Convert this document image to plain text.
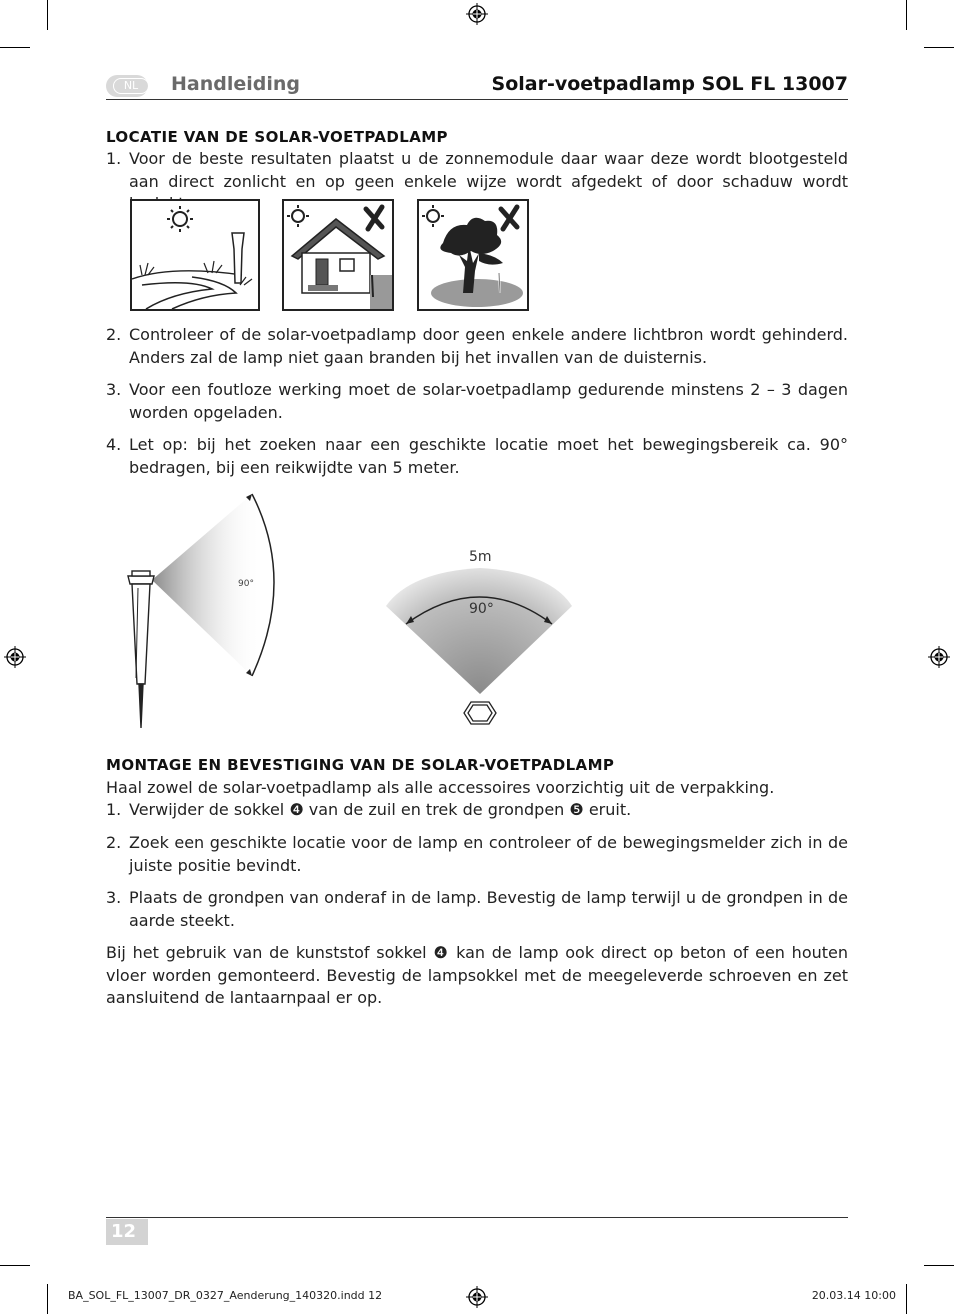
NL	Handleiding	Solar-voetpadlamp SOL FL 13007
LOCATIE VAN DE SOLAR-VOETPADLAMP
1. Voor de beste resultaten plaatst u de zonnemodule daar waar deze wordt blootgesteld aan direct zonlicht en op geen enkele wijze wordt afgedekt of door schaduw wordt
2. Controleer of de solar-voetpadlamp door geen enkele andere lichtbron wordt gehinderd. Anders zal de lamp niet gaan branden bij het invallen van de duisternis.
3. Voor een foutloze werking moet de solar-voetpadlamp gedurende minstens 2 – 3 dagen worden opgeladen.
4. Let op: bij het zoeken naar een geschikte locatie moet het bewegingsbereik ca. 90° bedragen, bij een reikwijdte van 5 meter.
90°
5m
90°
MONTAGE EN BEVESTIGING VAN DE SOLAR-VOETPADLAMP

Haal zowel de solar-voetpadlamp als alle accessoires voorzichtig uit de verpakking.

1. Verwijder de sokkel ❹ van de zuil en trek de grondpen ❺ eruit.
2. Zoek een geschikte locatie voor de lamp en controleer of de bewegingsmelder zich in de juiste positie bevindt.
3. Plaats de grondpen van onderaf in de lamp. Bevestig de lamp terwijl u de grondpen in de aarde steekt.

Bij het gebruik van de kunststof sokkel ❹ kan de lamp ook direct op beton of een houten vloer worden gemonteerd. Bevestig de lampsokkel met de meegeleverde schroeven en zet aansluitend de lantaarnpaal er op.

12
BA_SOL_FL_13007_DR_0327_Aenderung_140320.indd 12	20.03.14 10:00
